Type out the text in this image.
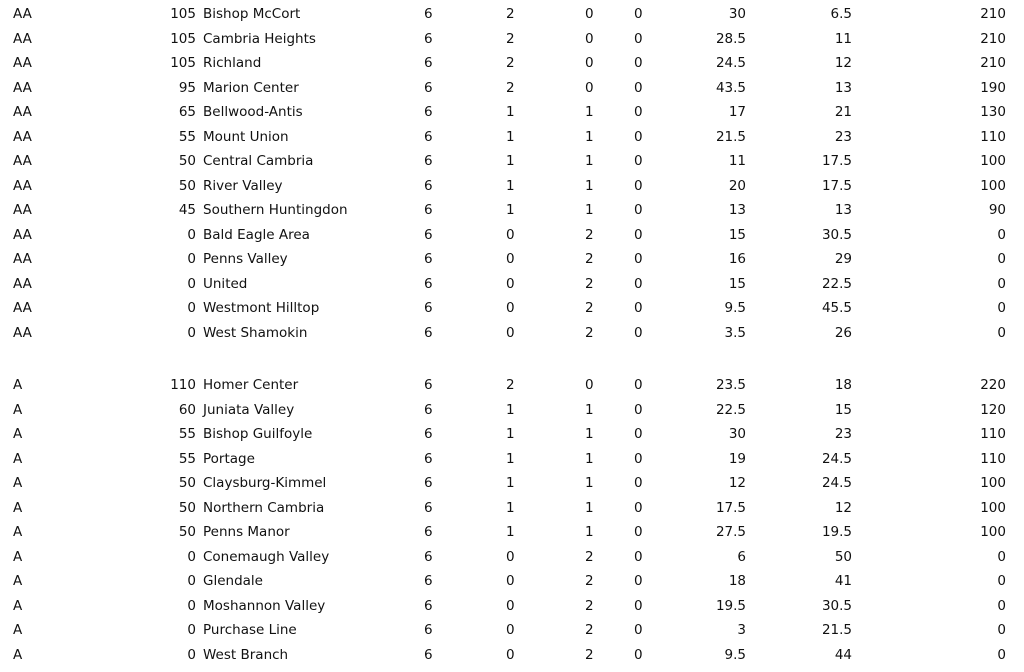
AA	105 Bishop McCort	6	2	0	0	30	6.5	210
AA	105 Cambria Heights	6	2	0	0	28.5	11	210
AA	105 Richland	6	2	0	0	24.5	12	210
AA	95 Marion Center	6	2	0	0	43.5	13	190
AA	65 Bellwood-Antis	6	1	1	0	17	21	130
AA	55 Mount Union	6	1	1	0	21.5	23	110
AA	50 Central Cambria	6	1	1	0	11	17.5	100
AA	50 River Valley	6	1	1	0	20	17.5	100
AA	45 Southern Huntingdon	6	1	1	0	13	13	90
AA	0 Bald Eagle Area	6	0	2	0	15	30.5	0
AA	0 Penns Valley	6	0	2	0	16	29	0
AA	0 United	6	0	2	0	15	22.5	0
AA	0 Westmont Hilltop	6	0	2	0	9.5	45.5	0
AA	0 West Shamokin	6	0	2	0	3.5	26	0
A	110 Homer Center	6	2	0	0	23.5	18	220
A	60 Juniata Valley	6	1	1	0	22.5	15	120
A	55 Bishop Guilfoyle	6	1	1	0	30	23	110
A	55 Portage	6	1	1	0	19	24.5	110
A	50 Claysburg-Kimmel	6	1	1	0	12	24.5	100
A	50 Northern Cambria	6	1	1	0	17.5	12	100
A	50 Penns Manor	6	1	1	0	27.5	19.5	100
A	0 Conemaugh Valley	6	0	2	0	6	50	0
A	0 Glendale	6	0	2	0	18	41	0
A	0 Moshannon Valley	6	0	2	0	19.5	30.5	0
A	0 Purchase Line	6	0	2	0	3	21.5	0
A	0 West Branch	6	0	2	0	9.5	44	0
